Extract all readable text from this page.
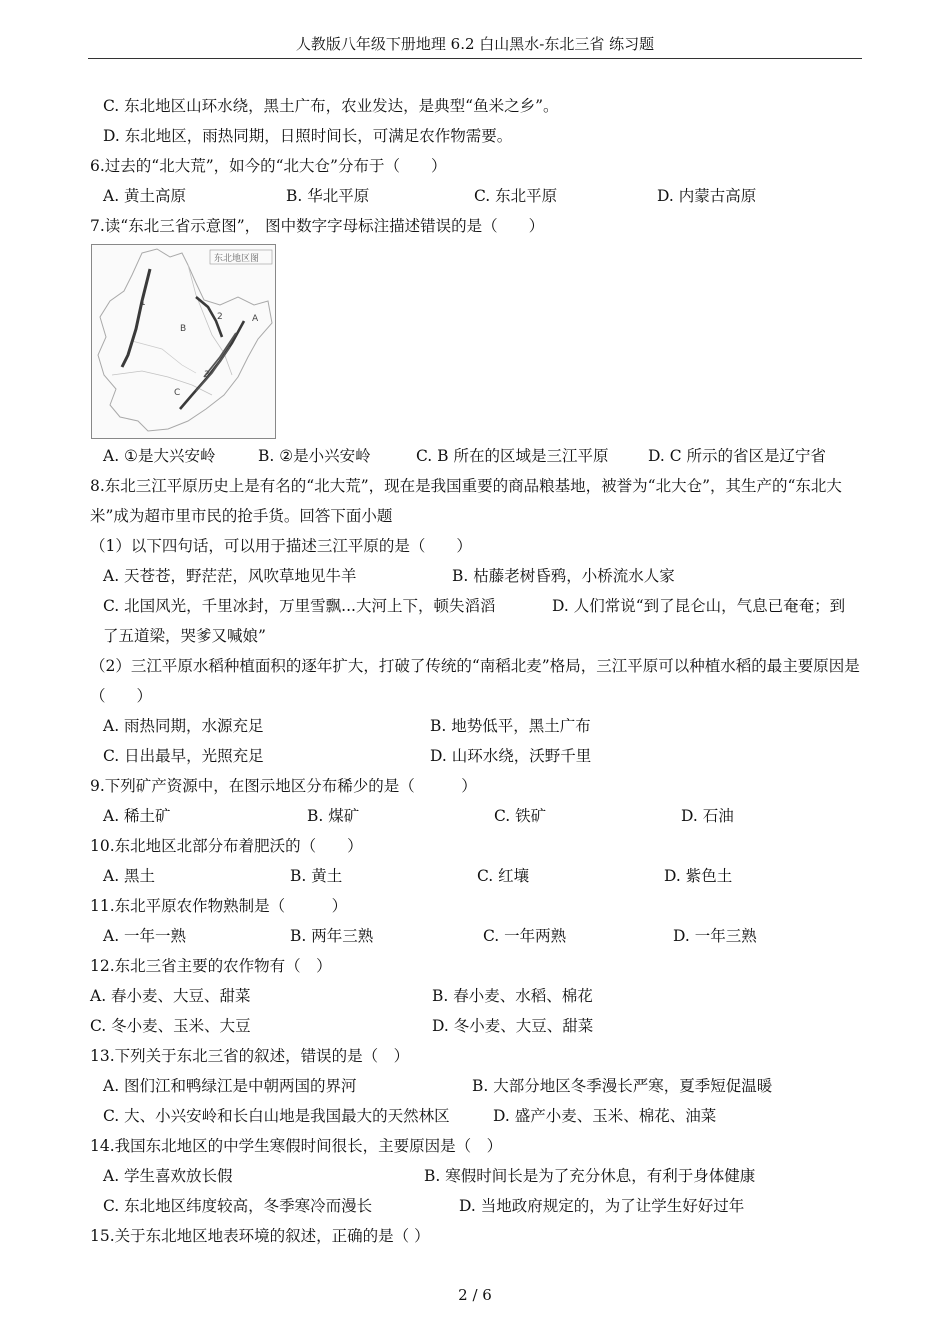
人教版八年级下册地理 6.2 白山黑水-东北三省 练习题
C. 东北地区山环水绕，黑土广布，农业发达，是典型“鱼米之乡”。
D. 东北地区，雨热同期，日照时间长，可满足农作物需要。
6.过去的“北大荒”，如今的“北大仓”分布于（　　）
A. 黄土高原	B. 华北平原	C. 东北平原	D. 内蒙古高原
7.读“东北三省示意图”， 图中数字字母标注描述错误的是（　　）
东北地区图
1
B
2	A
C
3
A. ①是大兴安岭	B. ②是小兴安岭	C. B 所在的区域是三江平原	D. C 所示的省区是辽宁省
8.东北三江平原历史上是有名的“北大荒”，现在是我国重要的商品粮基地，被誉为“北大仓”，其生产的“东北大米”成为超市里市民的抢手货。回答下面小题
（1）以下四句话，可以用于描述三江平原的是（　　）
A. 天苍苍，野茫茫，风吹草地见牛羊	B. 枯藤老树昏鸦，小桥流水人家
C. 北国风光，千里冰封，万里雪飘...大河上下，顿失滔滔	D. 人们常说“到了昆仑山，气息已奄奄；到
了五道梁，哭爹又喊娘”
（2）三江平原水稻种植面积的逐年扩大，打破了传统的“南稻北麦”格局，三江平原可以种植水稻的最主要原因是（　　）
A. 雨热同期，水源充足	B. 地势低平，黑土广布
C. 日出最早，光照充足	D. 山环水绕，沃野千里
9.下列矿产资源中，在图示地区分布稀少的是（　　　）
A. 稀土矿	B. 煤矿	C. 铁矿	D. 石油
10.东北地区北部分布着肥沃的（　　）
A. 黑土	B. 黄土	C. 红壤	D. 紫色土
11.东北平原农作物熟制是（　　　）
A. 一年一熟	B. 两年三熟	C. 一年两熟	D. 一年三熟
12.东北三省主要的农作物有（　）
A. 春小麦、大豆、甜菜	B. 春小麦、水稻、棉花
C. 冬小麦、玉米、大豆	D. 冬小麦、大豆、甜菜
13.下列关于东北三省的叙述，错误的是（　）
A. 图们江和鸭绿江是中朝两国的界河	B. 大部分地区冬季漫长严寒，夏季短促温暖
C. 大、小兴安岭和长白山地是我国最大的天然林区	D. 盛产小麦、玉米、棉花、油菜
14.我国东北地区的中学生寒假时间很长，主要原因是（　）
A. 学生喜欢放长假	B. 寒假时间长是为了充分休息，有利于身体健康
C. 东北地区纬度较高，冬季寒冷而漫长	D. 当地政府规定的，为了让学生好好过年
15.关于东北地区地表环境的叙述，正确的是（ ）
2 / 6
